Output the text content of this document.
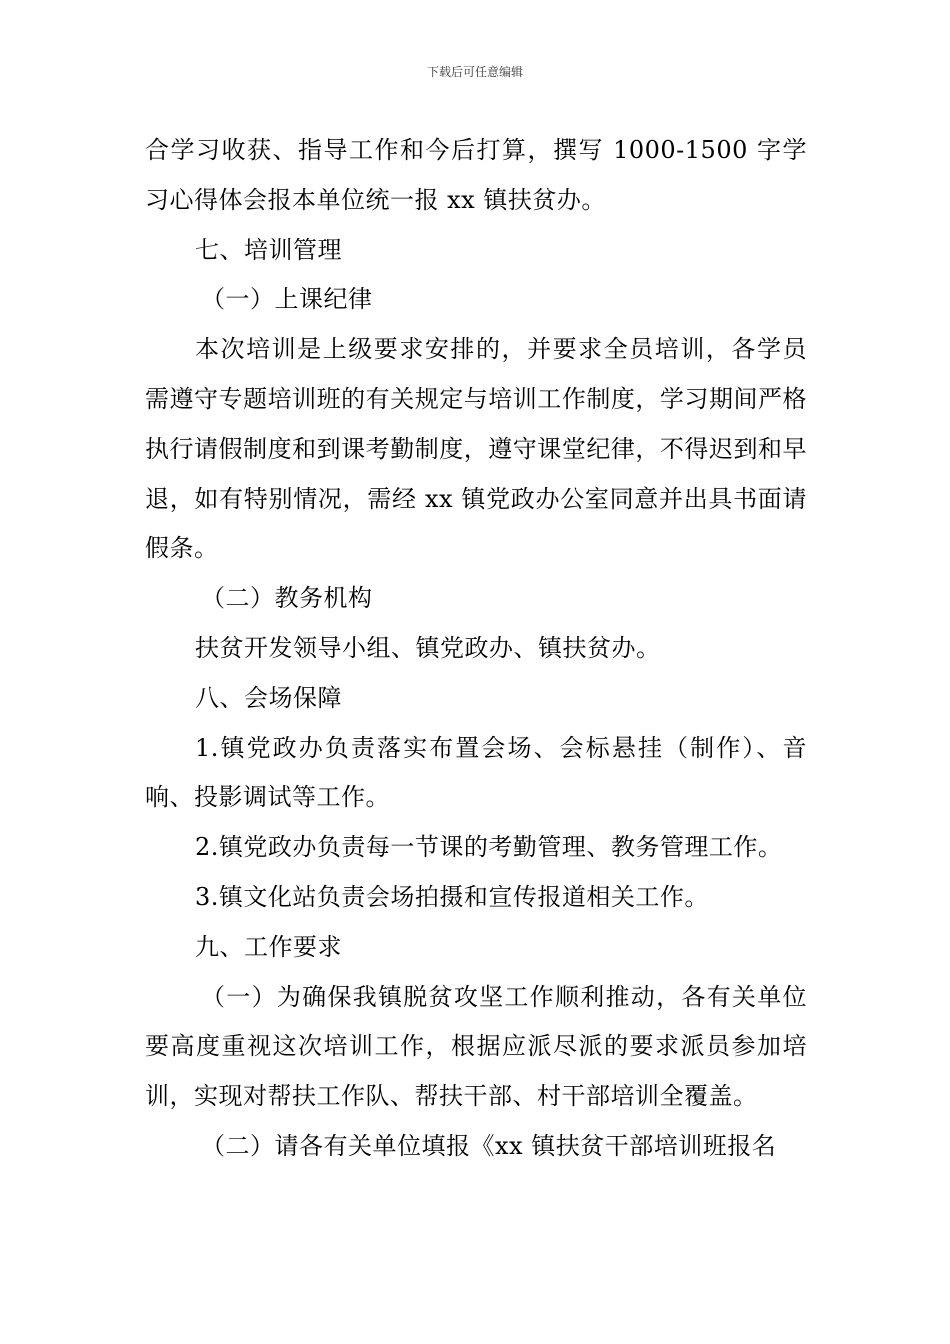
下载后可任意编辑

合学习收获、指导工作和今后打算，撰写 1000-1500 字学习心得体会报本单位统一报 xx 镇扶贫办。

七、培训管理

（一）上课纪律

本次培训是上级要求安排的，并要求全员培训，各学员需遵守专题培训班的有关规定与培训工作制度，学习期间严格执行请假制度和到课考勤制度，遵守课堂纪律，不得迟到和早退，如有特别情况，需经 xx 镇党政办公室同意并出具书面请假条。

（二）教务机构

扶贫开发领导小组、镇党政办、镇扶贫办。

八、会场保障

1.镇党政办负责落实布置会场、会标悬挂（制作）、音响、投影调试等工作。

2.镇党政办负责每一节课的考勤管理、教务管理工作。

3.镇文化站负责会场拍摄和宣传报道相关工作。

九、工作要求

（一）为确保我镇脱贫攻坚工作顺利推动，各有关单位要高度重视这次培训工作，根据应派尽派的要求派员参加培训，实现对帮扶工作队、帮扶干部、村干部培训全覆盖。

（二）请各有关单位填报《xx 镇扶贫干部培训班报名
